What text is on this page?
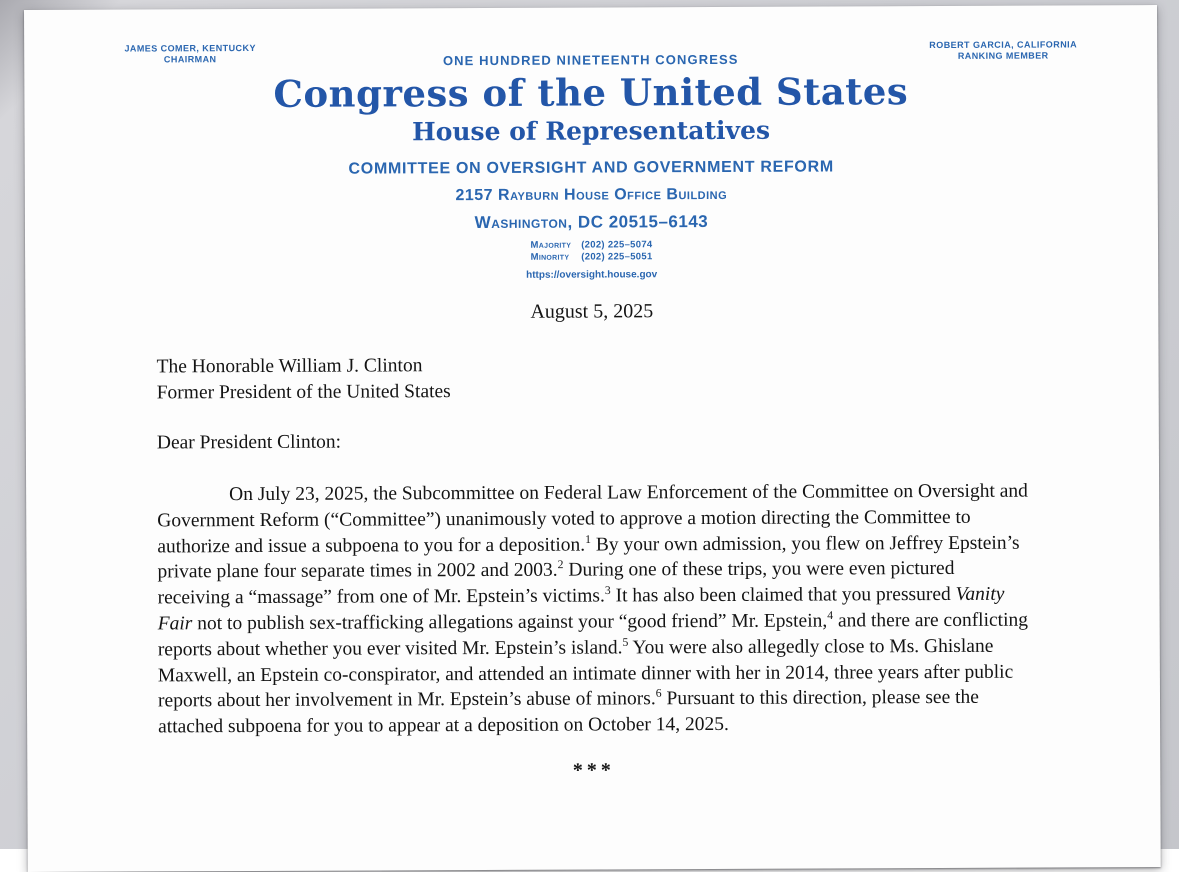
JAMES COMER, KENTUCKY
CHAIRMAN
ROBERT GARCIA, CALIFORNIA
RANKING MEMBER
ONE HUNDRED NINETEENTH CONGRESS
Congress of the United States
House of Representatives
COMMITTEE ON OVERSIGHT AND GOVERNMENT REFORM
2157 Rayburn House Office Building
Washington, DC 20515–6143
Majority (202) 225–5074
Minority (202) 225–5051
https://oversight.house.gov
August 5, 2025
The Honorable William J. Clinton
Former President of the United States
Dear President Clinton:

On July 23, 2025, the Subcommittee on Federal Law Enforcement of the Committee on Oversight and Government Reform (“Committee”) unanimously voted to approve a motion directing the Committee to authorize and issue a subpoena to you for a deposition.$^1$ By your own admission, you flew on Jeffrey Epstein’s private plane four separate times in 2002 and 2003.$^2$ During one of these trips, you were even pictured receiving a “massage” from one of Mr. Epstein’s victims.$^3$ It has also been claimed that you pressured Vanity Fair not to publish sex-trafficking allegations against your “good friend” Mr. Epstein,$^4$ and there are conflicting reports about whether you ever visited Mr. Epstein’s island.$^5$ You were also allegedly close to Ms. Ghislane Maxwell, an Epstein co-conspirator, and attended an intimate dinner with her in 2014, three years after public reports about her involvement in Mr. Epstein’s abuse of minors.$^6$ Pursuant to this direction, please see the attached subpoena for you to appear at a deposition on October 14, 2025.

***
